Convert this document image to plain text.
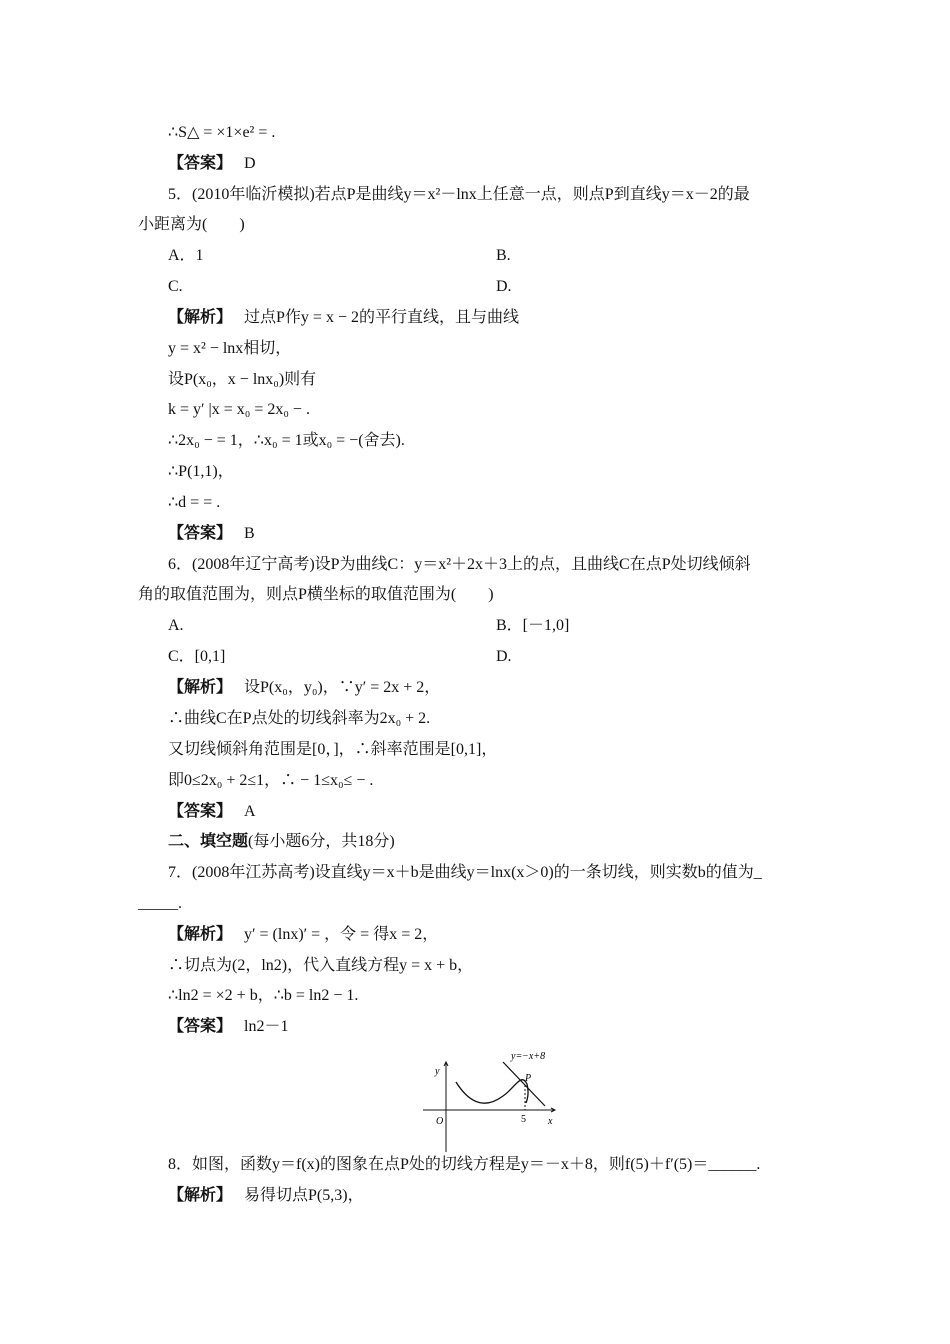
∴S△ = ×1×e² = .
【答案】 D
5．(2010年临沂模拟)若点P是曲线y＝x²－lnx上任意一点，则点P到直线y＝x－2的最
小距离为(　　)
A．1	B.
C.	D.
【解析】 过点P作y = x − 2的平行直线，且与曲线
y = x² − lnx相切，
设P(x₀，x − lnx₀)则有
k = y′ |x = x₀ = 2x₀ − .
∴2x₀ − = 1，∴x₀ = 1或x₀ = −(舍去).
∴P(1,1)，
∴d = = .
【答案】 B
6．(2008年辽宁高考)设P为曲线C：y＝x²＋2x＋3上的点，且曲线C在点P处切线倾斜
角的取值范围为，则点P横坐标的取值范围为(　　)
A.	B．[－1,0]
C．[0,1]	D.
【解析】 设P(x₀，y₀)，∵y′ = 2x + 2，
∴曲线C在P点处的切线斜率为2x₀ + 2.
又切线倾斜角范围是[0，]，∴斜率范围是[0,1]，
即0≤2x₀ + 2≤1，∴ − 1≤x₀≤ − .
【答案】 A
二、填空题(每小题6分，共18分)
7．(2008年江苏高考)设直线y＝x＋b是曲线y＝lnx(x＞0)的一条切线，则实数b的值为_
_____.
【解析】 y′ = (lnx)′ = ，令 = 得x = 2，
∴切点为(2，ln2)，代入直线方程y = x + b，
∴ln2 = ×2 + b，∴b = ln2 − 1.
【答案】 ln2－1
y=−x+8
y
x
O
P
5
8．如图，函数y＝f(x)的图象在点P处的切线方程是y＝－x＋8，则f(5)＋f′(5)＝______.
【解析】 易得切点P(5,3)，
